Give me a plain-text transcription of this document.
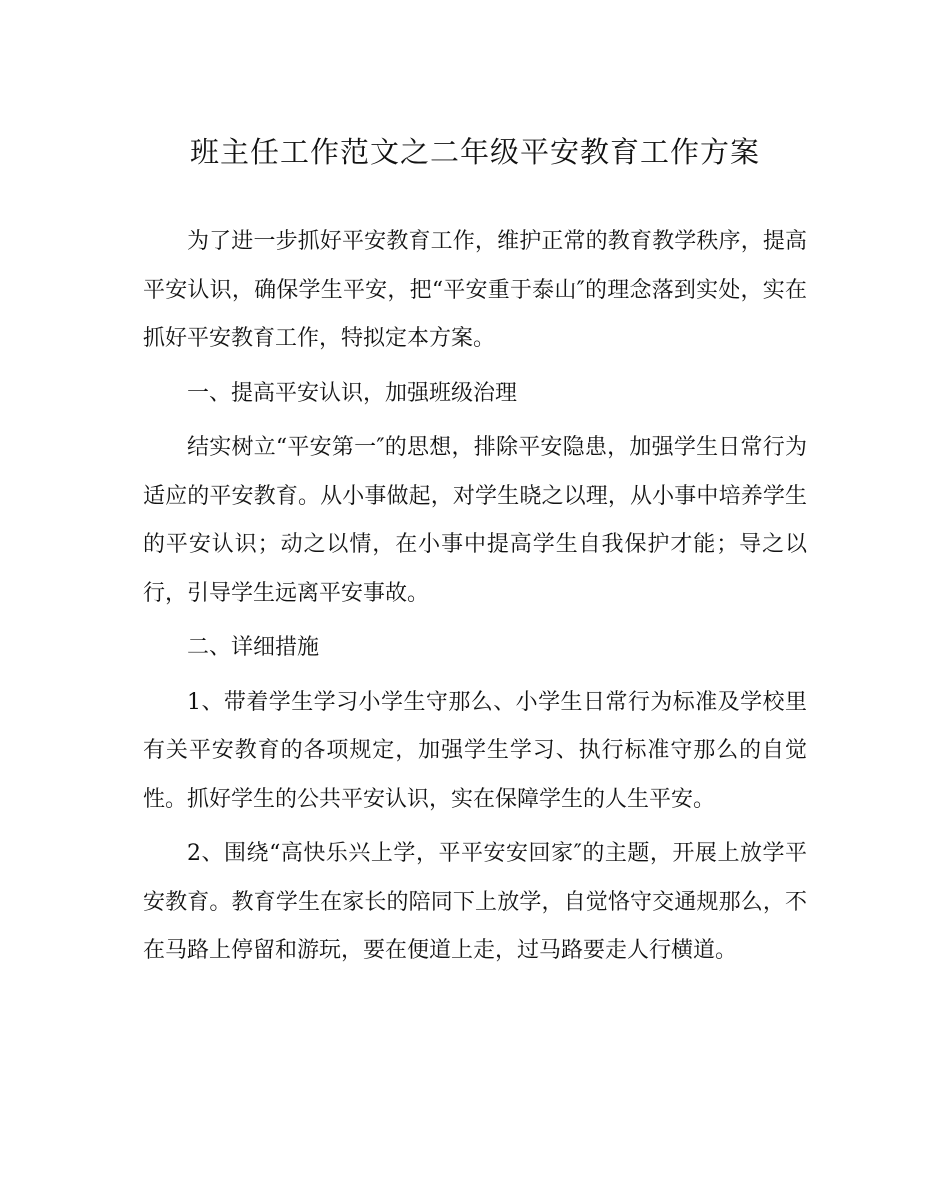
班主任工作范文之二年级平安教育工作方案

为了进一步抓好平安教育工作，维护正常的教育教学秩序，提高平安认识，确保学生平安，把“平安重于泰山″的理念落到实处，实在抓好平安教育工作，特拟定本方案。

一、提高平安认识，加强班级治理

结实树立“平安第一″的思想，排除平安隐患，加强学生日常行为适应的平安教育。从小事做起，对学生晓之以理，从小事中培养学生的平安认识；动之以情，在小事中提高学生自我保护才能；导之以行，引导学生远离平安事故。

二、详细措施

1、带着学生学习小学生守那么、小学生日常行为标准及学校里有关平安教育的各项规定，加强学生学习、执行标准守那么的自觉性。抓好学生的公共平安认识，实在保障学生的人生平安。

2、围绕“高快乐兴上学，平平安安回家″的主题，开展上放学平安教育。教育学生在家长的陪同下上放学，自觉恪守交通规那么，不在马路上停留和游玩，要在便道上走，过马路要走人行横道。
